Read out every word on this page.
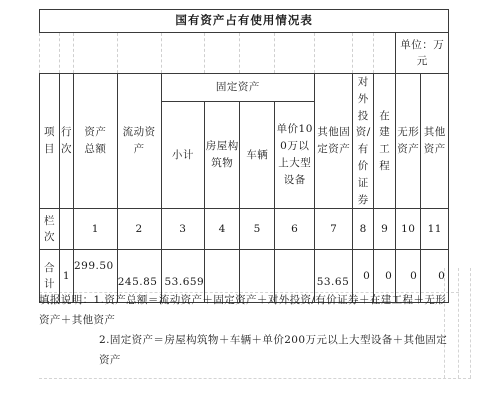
国有资产占有使用情况表												
											单位：万元	
项目	行次	资产总额	流动资产	固定资产				其他固定资产	对外投资/有价证券	在建工程	无形资产	其他资产
				小计	房屋构筑物	车辆	单价100万以上大型设备					
栏次		1	2	3	4	5	6	7	8	9	10	11
合计	1	299.50	245.85	53.659				53.65	0	0	0	0
填报说明：1.资产总额＝流动资产＋固定资产＋对外投资/有价证券＋在建工程＋无形资产＋其他资产
2.固定资产＝房屋构筑物＋车辆＋单价200万元以上大型设备＋其他固定资产
